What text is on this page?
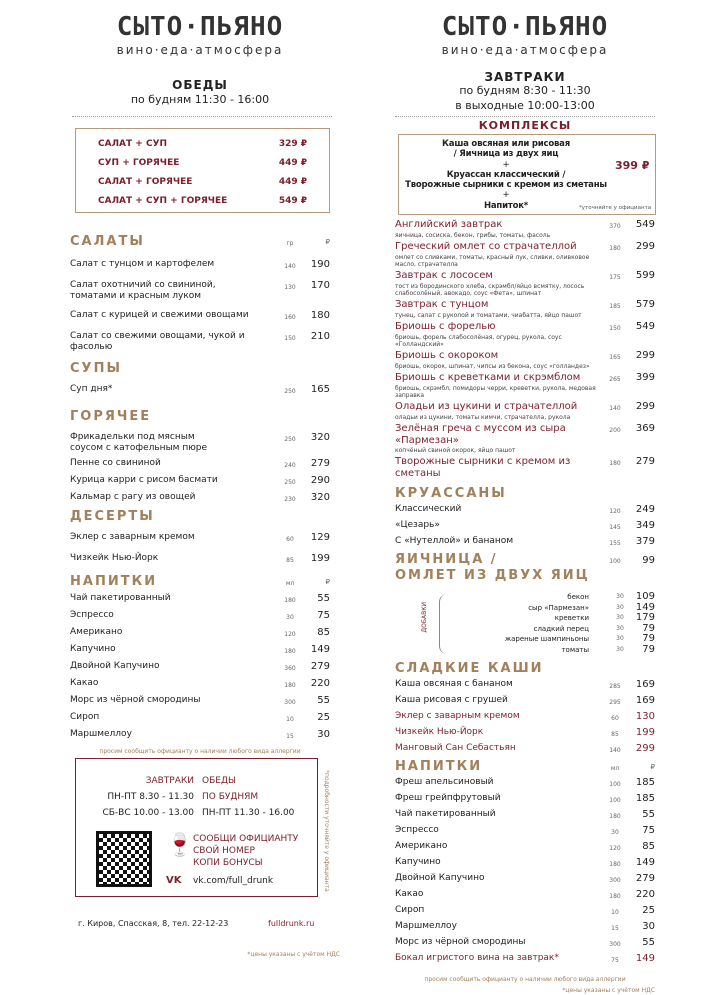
СЫТО·ПЬЯНО
вино·еда·атмосфера
ОБЕДЫ
по будням 11:30 - 16:00
САЛАТ + СУП	329 ₽
СУП + ГОРЯЧЕЕ	449 ₽
САЛАТ + ГОРЯЧЕЕ	449 ₽
САЛАТ + СУП + ГОРЯЧЕЕ	549 ₽
САЛАТЫ	гр	₽
Салат с тунцом и картофелем	140	190
Салат охотничий со свининой, томатами и красным луком
130	170
Салат с курицей и свежими овощами	160	180
Салат со свежими овощами, чукой и фасолью
150	210
СУПЫ
Суп дня*	250	165
ГОРЯЧЕЕ
Фрикадельки под мясным соусом с катофельным пюре
250	320
Пенне со свининой	240	279
Курица карри с рисом басмати	250	290
Кальмар с рагу из овощей	230	320
ДЕСЕРТЫ
Эклер с заварным кремом	60	129
Чизкейк Нью-Йорк	85	199
НАПИТКИ	мл	₽
Чай пакетированный	180	55
Эспрессо	30	75
Американо	120	85
Капучино	180	149
Двойной Капучино	360	279
Какао	180	220
Морс из чёрной смородины	300	55
Сироп	10	25
Маршмеллоу	15	30
просим сообщить официанту о наличии любого вида аллергии
ЗАВТРАКИ
ПН-ПТ 8.30 - 11.30
СБ-ВС 10.00 - 13.00
ОБЕДЫ
ПО БУДНЯМ
ПН-ПТ 11.30 - 16.00
🍷 СООБЩИ ОФИЦИАНТУ
СВОЙ НОМЕР
КОПИ БОНУСЫ
VK vk.com/full_drunk	*подробности уточняйте у официанта
г. Киров, Спасская, 8, тел. 22-12-23	fulldrunk.ru
*цены указаны с учётом НДС
СЫТО·ПЬЯНО
вино·еда·атмосфера
ЗАВТРАКИ
по будням 8:30 - 11:30
в выходные 10:00-13:00
КОМПЛЕКСЫ
Каша овсяная или рисовая
/ Яичница из двух яиц
+
Круассан классический /
Творожные сырники с кремом из сметаны
+
Напиток*
399 ₽
*уточняйте у официанта
Английский завтрак	370	549
яичница, сосиска, бекон, грибы, томаты, фасоль
Греческий омлет со страчателлой	180	299
омлет со сливками, томаты, красный лук, сливки, оливковое масло, страчателла
Завтрак с лососем	175	599
тост из бородинского хлеба, скрэмбл/яйцо всмятку, лосось слабосолёный, авокадо, соус «Фета», шпинат
Завтрак с тунцом	185	579
тунец, салат с руколой и томатами, чиабатта, яйцо пашот
Бриошь с форелью	150	549
бриошь, форель слабосолёная, огурец, рукола, соус «Голландский»
Бриошь с окороком	165	299
бриошь, окорок, шпинат, чипсы из бекона, соус «голландез»
Бриошь с креветками и скрэмблом	265	399
бриошь, скрэмбл, помидоры черри, креветки, рукола, медовая заправка
Оладьи из цукини и страчателлой	140	299
оладьи из цукини, томаты кимчи, страчателла, рукола
Зелёная греча с муссом из сыра «Пармезан»
200	369
копчёный свиной окорок, яйцо пашот
Творожные сырники с кремом из сметаны
180	279
КРУАССАНЫ
Классический	120	249
«Цезарь»	145	349
С «Нутеллой» и бананом	155	379
ЯИЧНИЦА /	100	99
ОМЛЕТ ИЗ ДВУХ ЯИЦ
ДОБАВКИ
бекон	30	109
сыр «Пармезан»	30	149
креветки	30	179
сладкий перец	30	79
жареные шампиньоны	30	79
томаты	30	79
СЛАДКИЕ КАШИ
Каша овсяная с бананом	285	169
Каша рисовая с грушей	295	169
Эклер с заварным кремом	60	130
Чизкейк Нью-Йорк	85	199
Манговый Сан Себастьян	140	299
НАПИТКИ	мл	₽
Фреш апельсиновый	100	185
Фреш грейпфрутовый	100	185
Чай пакетированный	180	55
Эспрессо	30	75
Американо	120	85
Капучино	180	149
Двойной Капучино	300	279
Какао	180	220
Сироп	10	25
Маршмеллоу	15	30
Морс из чёрной смородины	300	55
Бокал игристого вина на завтрак*	75	149
просим сообщить официанту о наличии любого вида аллергии
*цены указаны с учётом НДС
